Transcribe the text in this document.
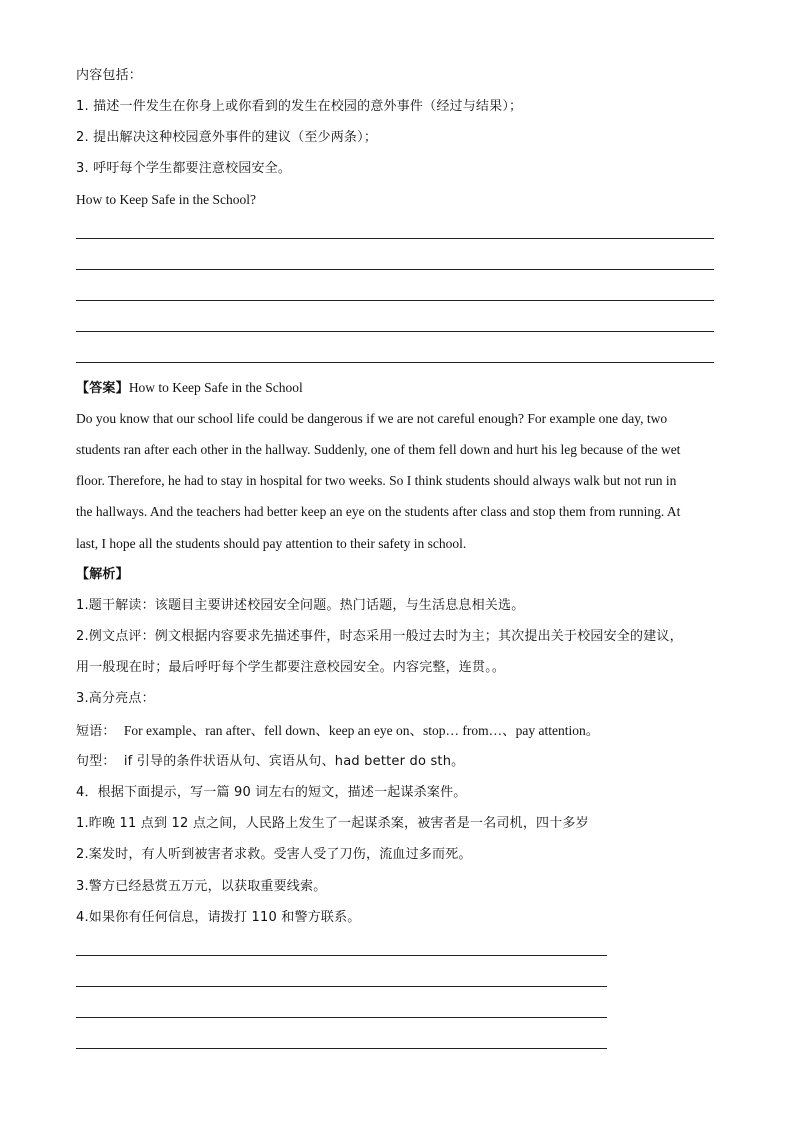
内容包括：
1. 描述一件发生在你身上或你看到的发生在校园的意外事件（经过与结果）；
2. 提出解决这种校园意外事件的建议（至少两条）；
3. 呼吁每个学生都要注意校园安全。
How to Keep Safe in the School?
【答案】How to Keep Safe in the School
Do you know that our school life could be dangerous if we are not careful enough? For example one day, two
students ran after each other in the hallway. Suddenly, one of them fell down and hurt his leg because of the wet
floor. Therefore, he had to stay in hospital for two weeks. So I think students should always walk but not run in
the hallways. And the teachers had better keep an eye on the students after class and stop them from running. At
last, I hope all the students should pay attention to their safety in school.
【解析】
1.题干解读：该题目主要讲述校园安全问题。热门话题，与生活息息相关选。
2.例文点评：例文根据内容要求先描述事件，时态采用一般过去时为主；其次提出关于校园安全的建议，
用一般现在时；最后呼吁每个学生都要注意校园安全。内容完整，连贯。。
3.高分亮点：
短语： For example、ran after、fell down、keep an eye on、stop… from…、pay attention。
句型： if 引导的条件状语从句、宾语从句、had better do sth。
4．根据下面提示，写一篇 90 词左右的短文，描述一起谋杀案件。
1.昨晚 11 点到 12 点之间，人民路上发生了一起谋杀案，被害者是一名司机，四十多岁
2.案发时，有人听到被害者求救。受害人受了刀伤，流血过多而死。
3.警方已经悬赏五万元，以获取重要线索。
4.如果你有任何信息，请拨打 110 和警方联系。
